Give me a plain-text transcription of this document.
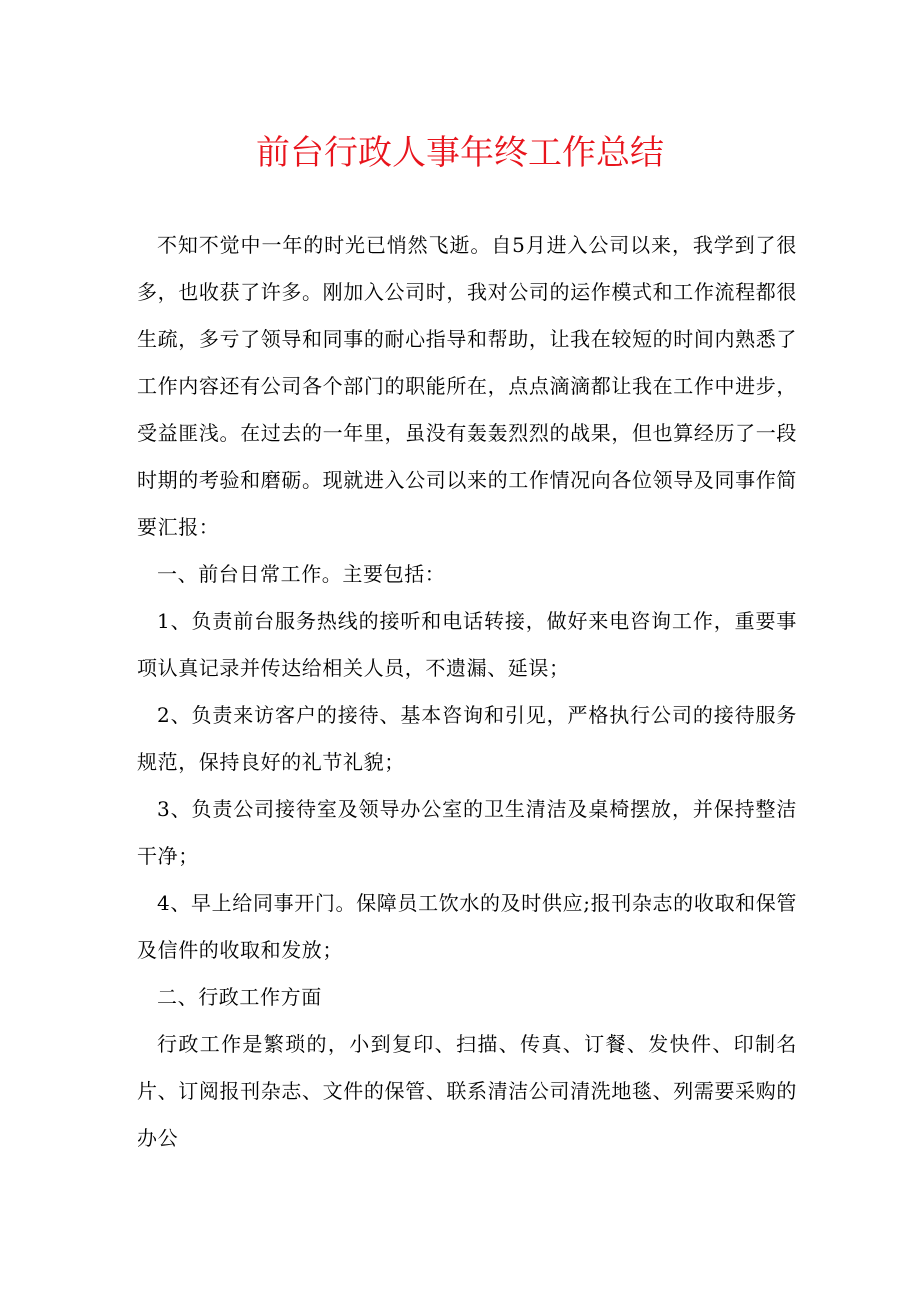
前台行政人事年终工作总结

不知不觉中一年的时光已悄然飞逝。自5月进入公司以来，我学到了很多，也收获了许多。刚加入公司时，我对公司的运作模式和工作流程都很生疏，多亏了领导和同事的耐心指导和帮助，让我在较短的时间内熟悉了工作内容还有公司各个部门的职能所在，点点滴滴都让我在工作中进步，受益匪浅。在过去的一年里，虽没有轰轰烈烈的战果，但也算经历了一段时期的考验和磨砺。现就进入公司以来的工作情况向各位领导及同事作简要汇报：

一、前台日常工作。主要包括：

1、负责前台服务热线的接听和电话转接，做好来电咨询工作，重要事项认真记录并传达给相关人员，不遗漏、延误；

2、负责来访客户的接待、基本咨询和引见，严格执行公司的接待服务规范，保持良好的礼节礼貌；

3、负责公司接待室及领导办公室的卫生清洁及桌椅摆放，并保持整洁干净；

4、早上给同事开门。保障员工饮水的及时供应;报刊杂志的收取和保管及信件的收取和发放；

二、行政工作方面

行政工作是繁琐的，小到复印、扫描、传真、订餐、发快件、印制名片、订阅报刊杂志、文件的保管、联系清洁公司清洗地毯、列需要采购的办公
